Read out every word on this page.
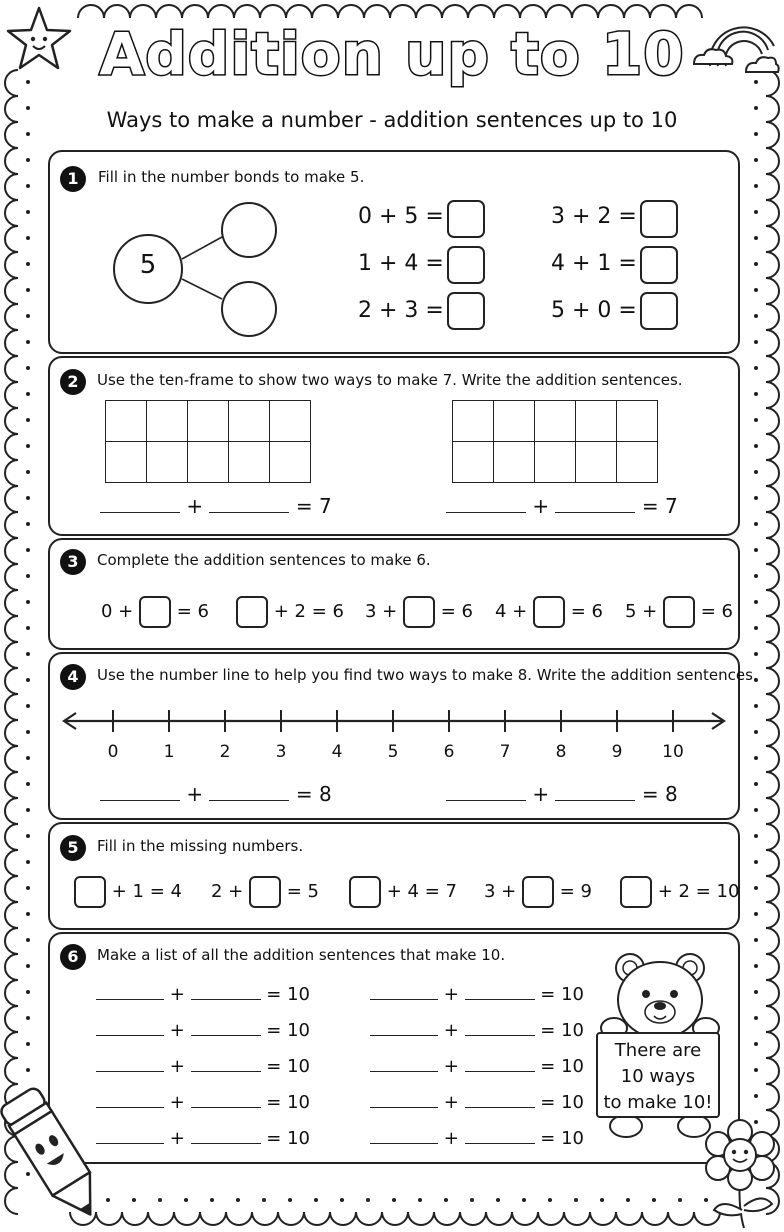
Addition up to 10
Ways to make a number - addition sentences up to 10
1	Fill in the number bonds to make 5.
5
0 + 5 =
1 + 4 =
2 + 3 =
3 + 2 =
4 + 1 =
5 + 0 =
2	Use the ten-frame to show two ways to make 7. Write the addition sentences.

+	= 7	+	= 7
3	Complete the addition sentences to make 6.
0 + = 6	+ 2 = 6 3 + = 6 4 + = 6 5 + = 6
4	Use the number line to help you find two ways to make 8. Write the addition sentences.
0	1	2	3	4	5	6	7	8	9	10
+	= 8	+	= 8
5	Fill in the missing numbers.
+ 1 = 4 2 + = 5	+ 4 = 7 3 + = 9	+ 2 = 10
6	Make a list of all the addition sentences that make 10.
+	= 10
+	= 10
+	= 10
+	= 10
+	= 10
+	= 10
+	= 10
+	= 10
+	= 10
+	= 10
There are
10 ways
to make 10!
